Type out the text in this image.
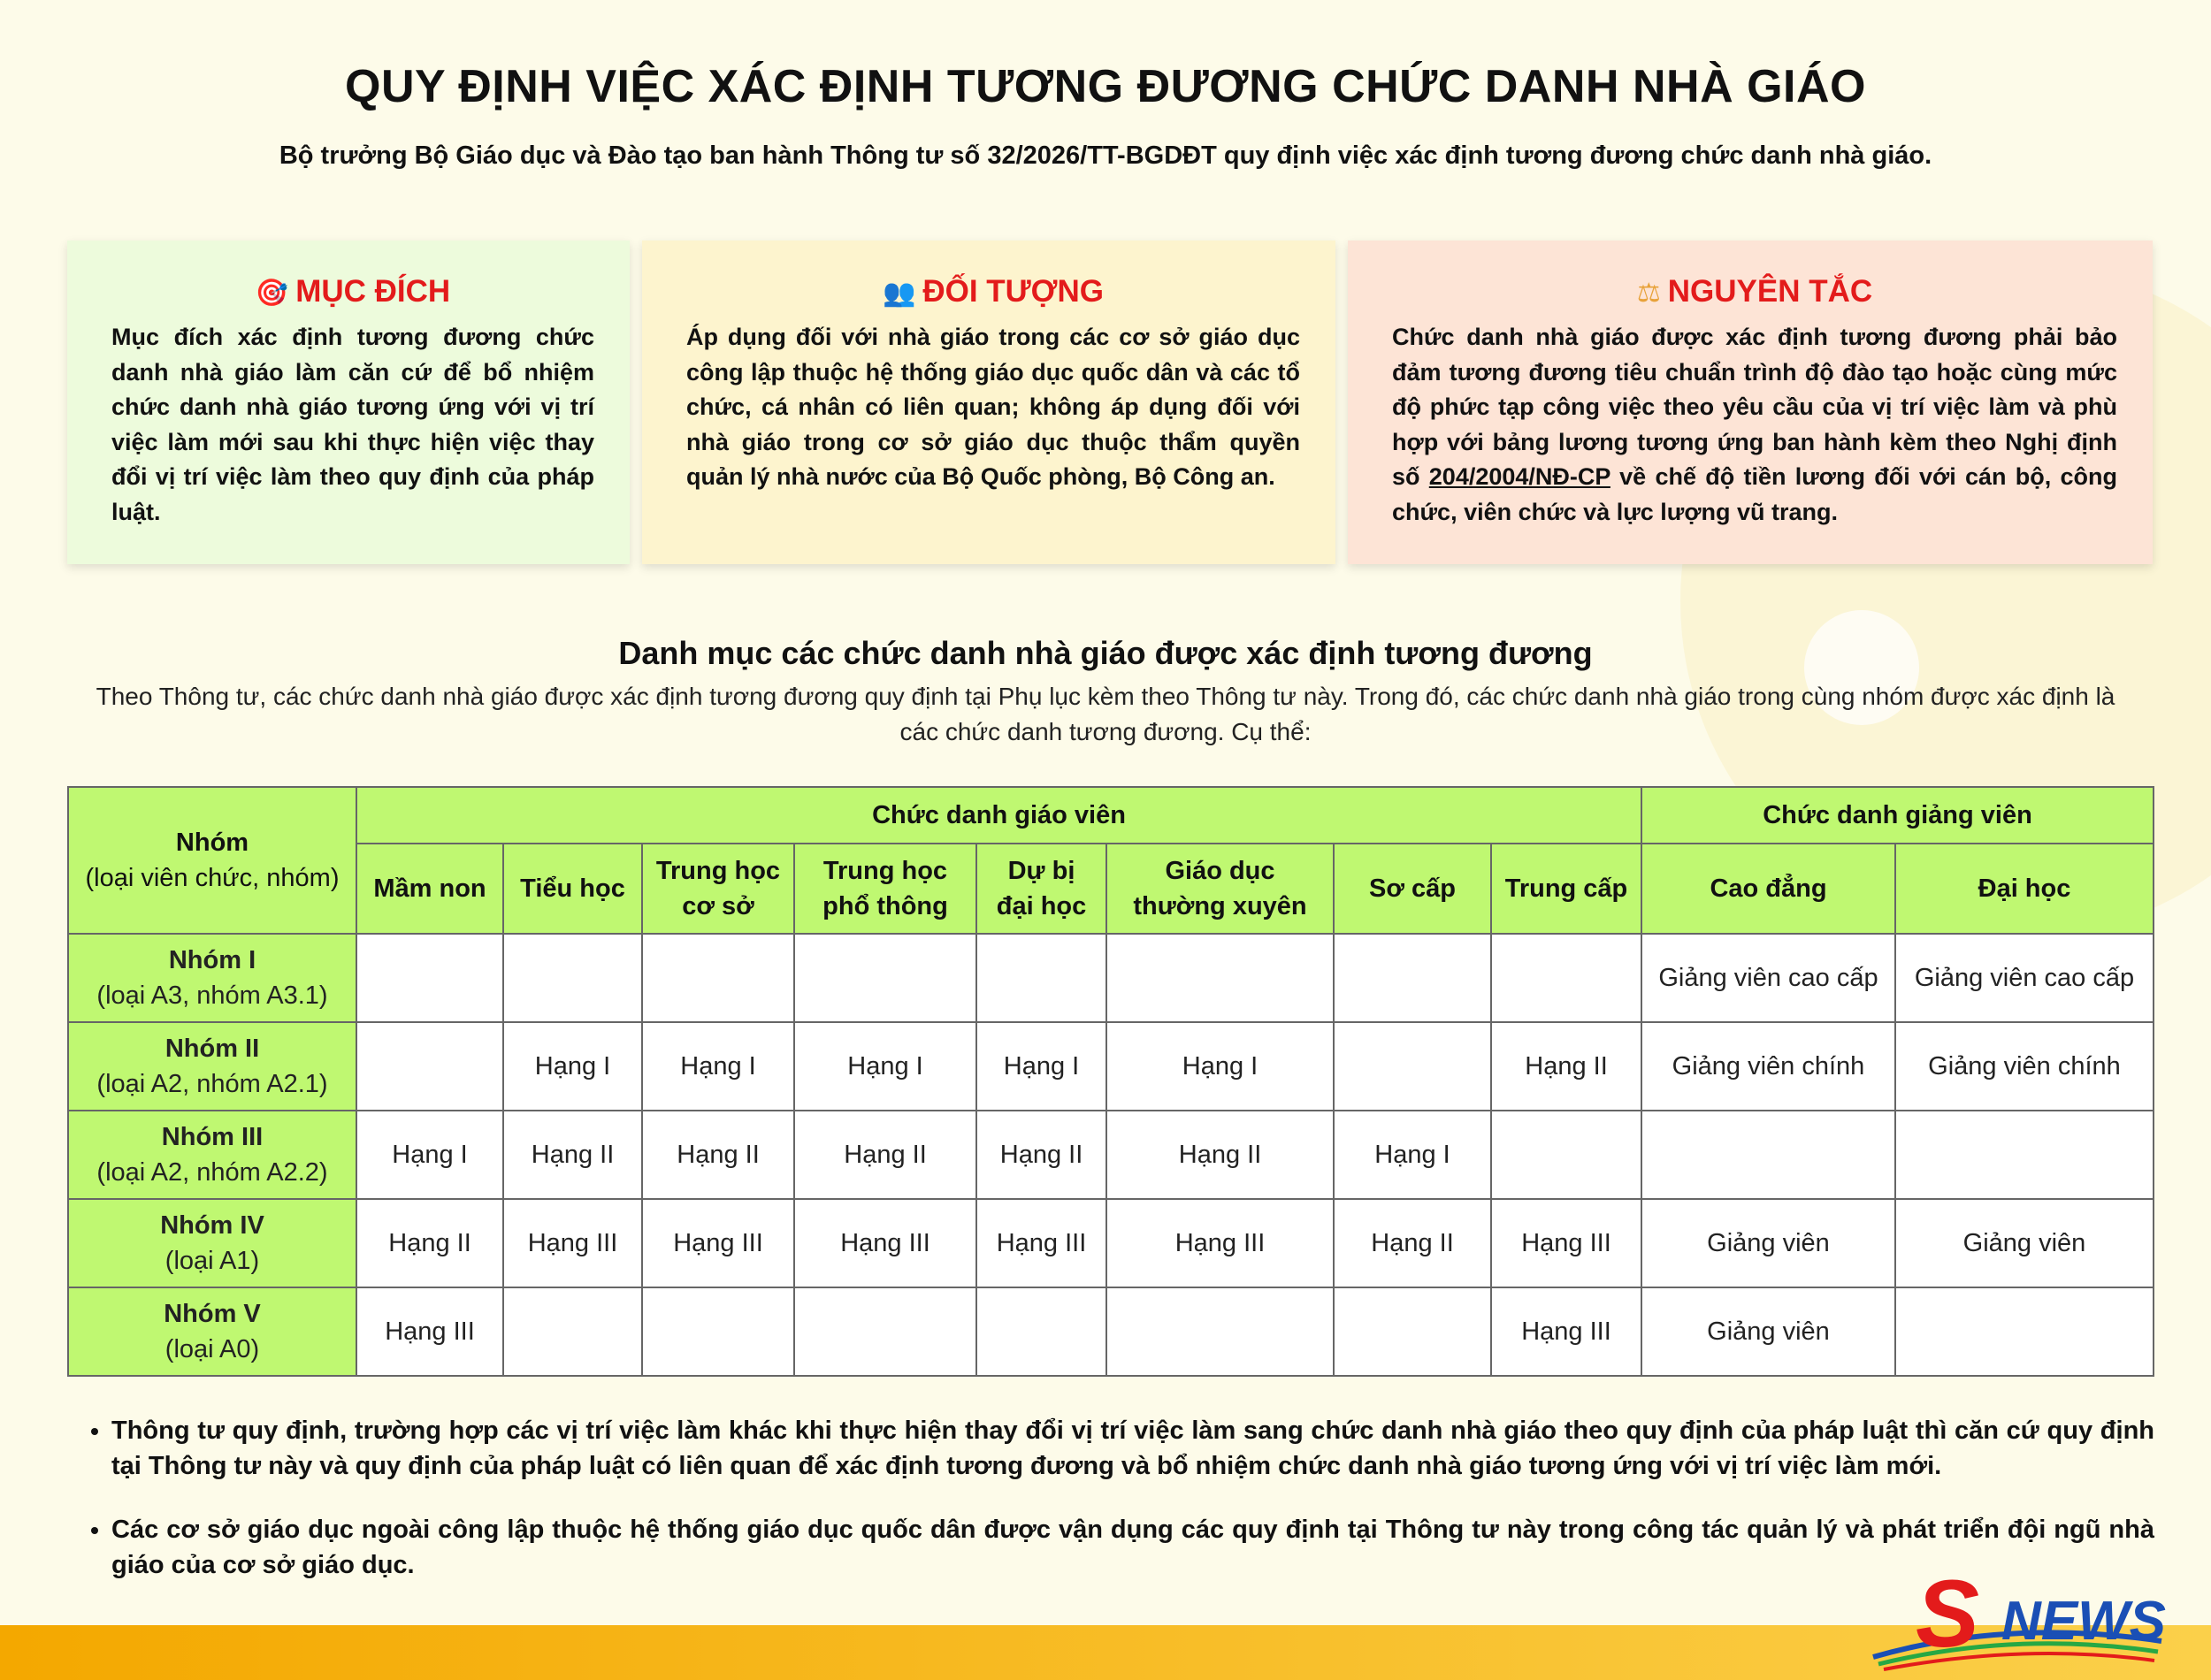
QUY ĐỊNH VIỆC XÁC ĐỊNH TƯƠNG ĐƯƠNG CHỨC DANH NHÀ GIÁO

Bộ trưởng Bộ Giáo dục và Đào tạo ban hành Thông tư số 32/2026/TT-BGDĐT quy định việc xác định tương đương chức danh nhà giáo.

🎯 MỤC ĐÍCH

Mục đích xác định tương đương chức danh nhà giáo làm căn cứ để bổ nhiệm chức danh nhà giáo tương ứng với vị trí việc làm mới sau khi thực hiện việc thay đổi vị trí việc làm theo quy định của pháp luật.

👥 ĐỐI TƯỢNG

Áp dụng đối với nhà giáo trong các cơ sở giáo dục công lập thuộc hệ thống giáo dục quốc dân và các tổ chức, cá nhân có liên quan; không áp dụng đối với nhà giáo trong cơ sở giáo dục thuộc thẩm quyền quản lý nhà nước của Bộ Quốc phòng, Bộ Công an.

⚖ NGUYÊN TẮC

Chức danh nhà giáo được xác định tương đương phải bảo đảm tương đương tiêu chuẩn trình độ đào tạo hoặc cùng mức độ phức tạp công việc theo yêu cầu của vị trí việc làm và phù hợp với bảng lương tương ứng ban hành kèm theo Nghị định số 204/2004/NĐ-CP về chế độ tiền lương đối với cán bộ, công chức, viên chức và lực lượng vũ trang.

Danh mục các chức danh nhà giáo được xác định tương đương

Theo Thông tư, các chức danh nhà giáo được xác định tương đương quy định tại Phụ lục kèm theo Thông tư này. Trong đó, các chức danh nhà giáo trong cùng nhóm được xác định là các chức danh tương đương. Cụ thể:

Nhóm
(loại viên chức, nhóm)	Chức danh giáo viên								Chức danh giảng viên	

	Mầm non	Tiểu học	Trung học
cơ sở	Trung học
phổ thông	Dự bị
đại học	Giáo dục
thường xuyên	Sơ cấp	Trung cấp	Cao đẳng	Đại học

Nhóm I
(loại A3, nhóm A3.1)									Giảng viên cao cấp	Giảng viên cao cấp

Nhóm II
(loại A2, nhóm A2.1)		Hạng I	Hạng I	Hạng I	Hạng I	Hạng I		Hạng II	Giảng viên chính	Giảng viên chính

Nhóm III
(loại A2, nhóm A2.2)	Hạng I	Hạng II	Hạng II	Hạng II	Hạng II	Hạng II	Hạng I			

Nhóm IV
(loại A1)	Hạng II	Hạng III	Hạng III	Hạng III	Hạng III	Hạng III	Hạng II	Hạng III	Giảng viên	Giảng viên

Nhóm V
(loại A0)	Hạng III							Hạng III	Giảng viên	
• Thông tư quy định, trường hợp các vị trí việc làm khác khi thực hiện thay đổi vị trí việc làm sang chức danh nhà giáo theo quy định của pháp luật thì căn cứ quy định tại Thông tư này và quy định của pháp luật có liên quan để xác định tương đương và bổ nhiệm chức danh nhà giáo tương ứng với vị trí việc làm mới.
• Các cơ sở giáo dục ngoài công lập thuộc hệ thống giáo dục quốc dân được vận dụng các quy định tại Thông tư này trong công tác quản lý và phát triển đội ngũ nhà giáo của cơ sở giáo dục.	S NEWS
